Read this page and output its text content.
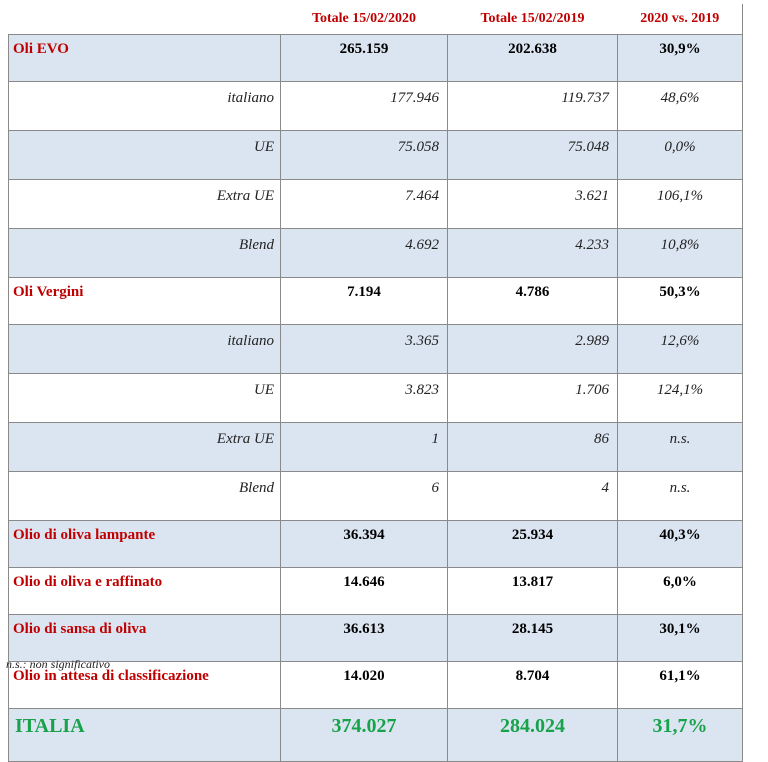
	Totale 15/02/2020	Totale 15/02/2019	2020 vs. 2019
Oli EVO	265.159	202.638	30,9%
italiano	177.946	119.737	48,6%
UE	75.058	75.048	0,0%
Extra UE	7.464	3.621	106,1%
Blend	4.692	4.233	10,8%
Oli Vergini	7.194	4.786	50,3%
italiano	3.365	2.989	12,6%
UE	3.823	1.706	124,1%
Extra UE	1	86	n.s.
Blend	6	4	n.s.
Olio di oliva lampante	36.394	25.934	40,3%
Olio di oliva e raffinato	14.646	13.817	6,0%
Olio di sansa di oliva	36.613	28.145	30,1%
Olio in attesa di classificazione	14.020	8.704	61,1%
ITALIA	374.027	284.024	31,7%
n.s.: non significativo
